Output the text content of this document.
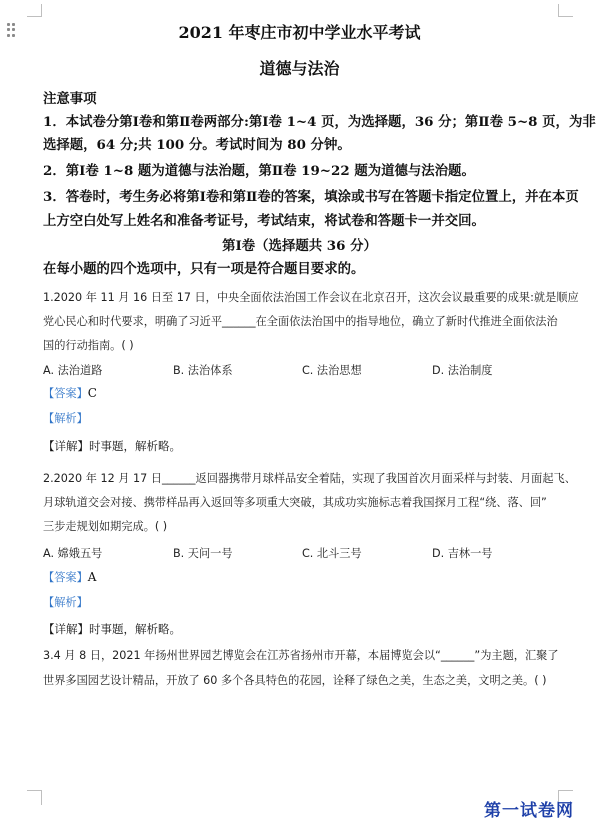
2021 年枣庄市初中学业水平考试
道德与法治
注意事项
1．本试卷分第Ⅰ卷和第Ⅱ卷两部分:第Ⅰ卷 1~4 页，为选择题，36 分；第Ⅱ卷 5~8 页，为非
选择题，64 分;共 100 分。考试时间为 80 分钟。
2．第Ⅰ卷 1~8 题为道德与法治题，第Ⅱ卷 19~22 题为道德与法治题。
3．答卷时，考生务必将第Ⅰ卷和第Ⅱ卷的答案，填涂或书写在答题卡指定位置上，并在本页
上方空白处写上姓名和准备考证号，考试结束，将试卷和答题卡一并交回。
第Ⅰ卷（选择题共 36 分）
在每小题的四个选项中，只有一项是符合题目要求的。
1.2020 年 11 月 16 日至 17 日，中央全面依法治国工作会议在北京召开，这次会议最重要的成果:就是顺应
党心民心和时代要求，明确了习近平______在全面依法治国中的指导地位，确立了新时代推进全面依法治
国的行动指南。( )
A. 法治道路	B. 法治体系	C. 法治思想	D. 法治制度
【答案】C
【解析】
【详解】时事题，解析略。
2.2020 年 12 月 17 日______返回器携带月球样品安全着陆，实现了我国首次月面采样与封装、月面起飞、
月球轨道交会对接、携带样品再入返回等多项重大突破，其成功实施标志着我国探月工程“绕、落、回”
三步走规划如期完成。( )
A. 嫦娥五号	B. 天问一号	C. 北斗三号	D. 吉林一号
【答案】A
【解析】
【详解】时事题，解析略。
3.4 月 8 日，2021 年扬州世界园艺博览会在江苏省扬州市开幕，本届博览会以“______”为主题，汇聚了
世界多国园艺设计精品，开放了 60 多个各具特色的花园，诠释了绿色之美，生态之美，文明之美。( )
第一试卷网
